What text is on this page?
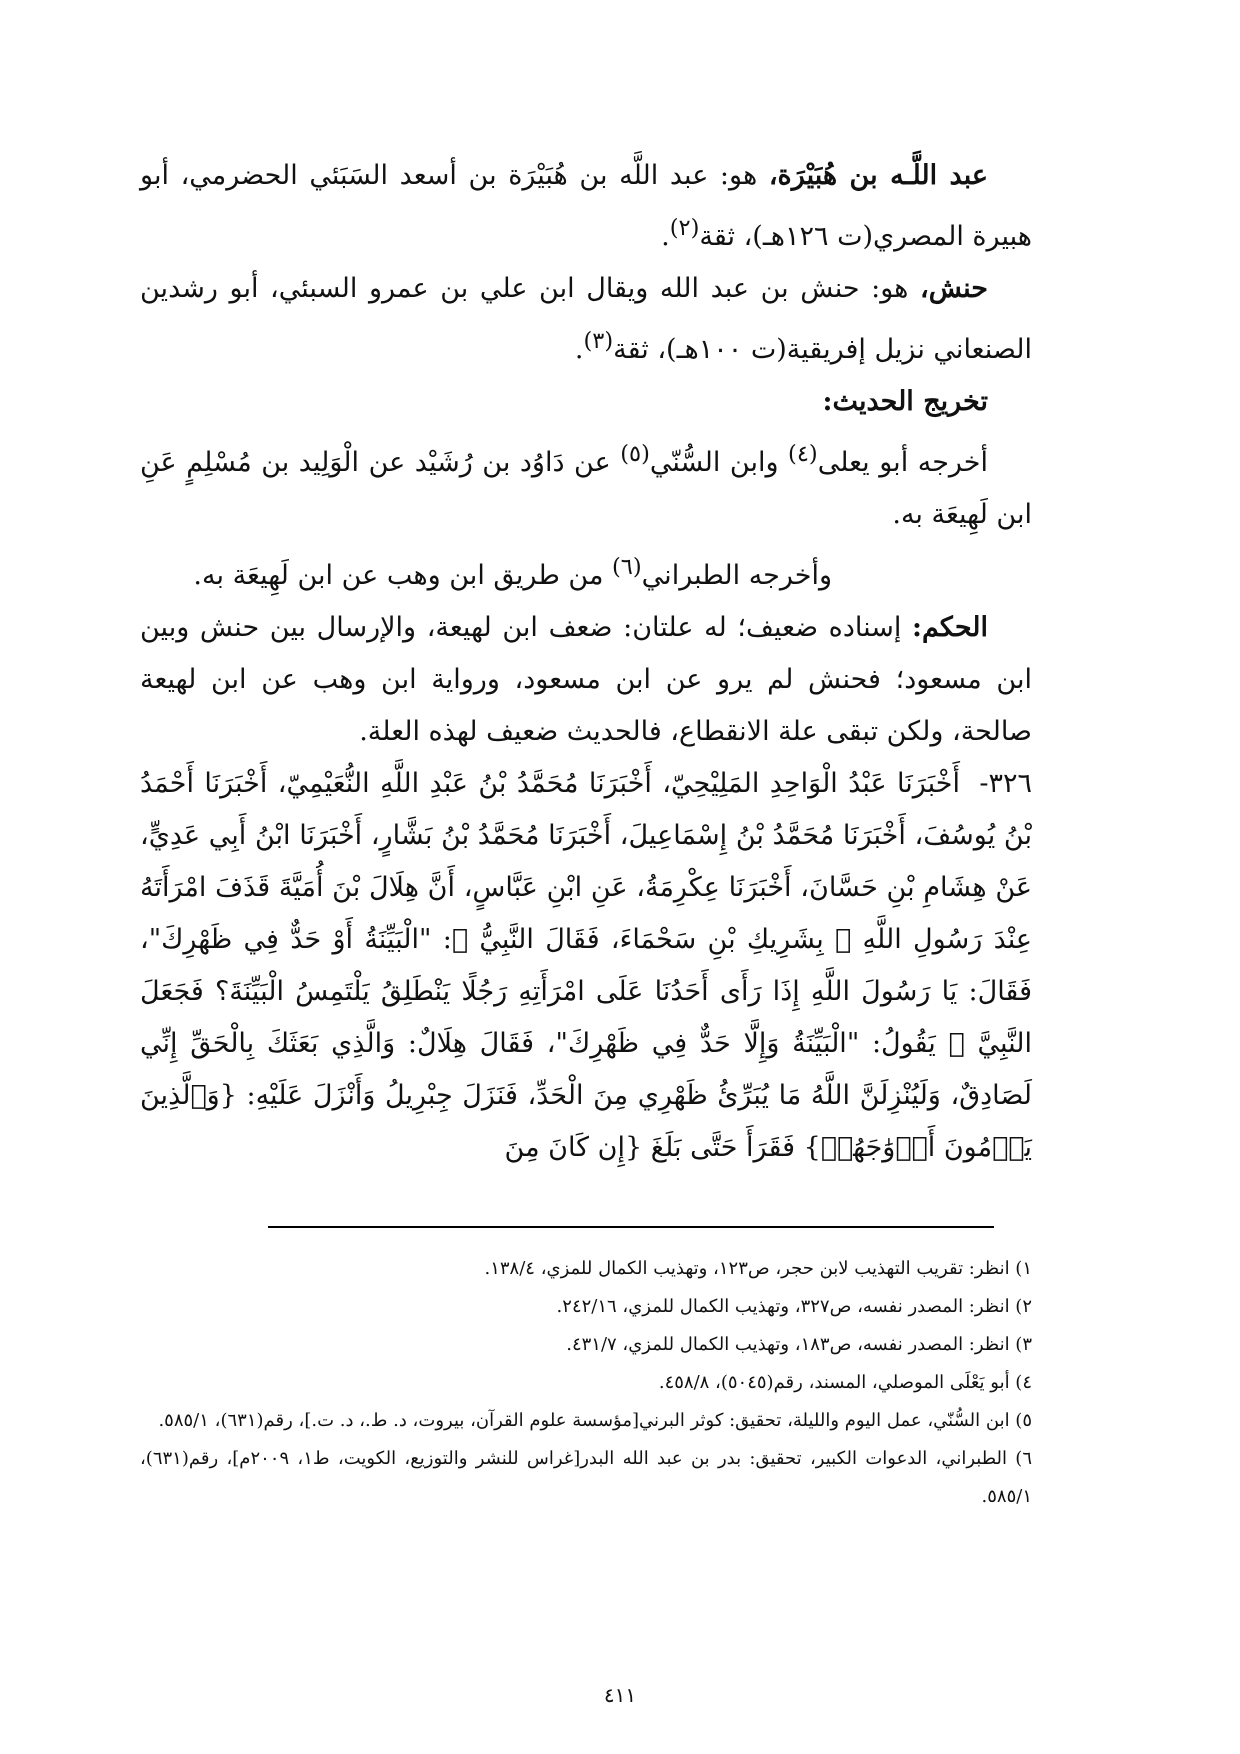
عبد اللَّـه بن هُبَيْرَة، هو: عبد اللَّه بن هُبَيْرَة بن أسعد السَبَئي الحضرمي، أبو هبيرة المصري(ت ١٢٦هـ)، ثقة$^{(٢)}$.

حنش، هو: حنش بن عبد الله ويقال ابن علي بن عمرو السبئي، أبو رشدين الصنعاني نزيل إفريقية(ت ١٠٠هـ)، ثقة$^{(٣)}$.

تخريج الحديث:

أخرجه أبو يعلى$^{(٤)}$ وابن السُّنّي$^{(٥)}$ عن دَاوُد بن رُشَيْد عن الْوَلِيد بن مُسْلِمٍ عَنِ ابن لَهِيعَة به.

وأخرجه الطبراني$^{(٦)}$ من طريق ابن وهب عن ابن لَهِيعَة به.

الحكم: إسناده ضعيف؛ له علتان: ضعف ابن لهيعة، والإرسال بين حنش وبين ابن مسعود؛ فحنش لم يرو عن ابن مسعود، ورواية ابن وهب عن ابن لهيعة صالحة، ولكن تبقى علة الانقطاع، فالحديث ضعيف لهذه العلة.

٣٢٦-أَخْبَرَنَا عَبْدُ الْوَاحِدِ المَلِيْحِيّ، أَخْبَرَنَا مُحَمَّدُ بْنُ عَبْدِ اللَّهِ النُّعَيْمِيّ، أَخْبَرَنَا أَحْمَدُ بْنُ يُوسُفَ، أَخْبَرَنَا مُحَمَّدُ بْنُ إِسْمَاعِيلَ، أَخْبَرَنَا مُحَمَّدُ بْنُ بَشَّارٍ، أَخْبَرَنَا ابْنُ أَبِي عَدِيٍّ، عَنْ هِشَامِ بْنِ حَسَّانَ، أَخْبَرَنَا عِكْرِمَةُ، عَنِ ابْنِ عَبَّاسٍ، أَنَّ هِلَالَ بْنَ أُمَيَّةَ قَذَفَ امْرَأَتَهُ عِنْدَ رَسُولِ اللَّهِ ﷺ بِشَرِيكِ بْنِ سَحْمَاءَ، فَقَالَ النَّبِيُّ ﷺ: "الْبَيِّنَةُ أَوْ حَدٌّ فِي ظَهْرِكَ"، فَقَالَ: يَا رَسُولَ اللَّهِ إِذَا رَأَى أَحَدُنَا عَلَى امْرَأَتِهِ رَجُلًا يَنْطَلِقُ يَلْتَمِسُ الْبَيِّنَةَ؟ فَجَعَلَ النَّبِيَّ ﷺ يَقُولُ: "الْبَيِّنَةُ وَإِلَّا حَدٌّ فِي ظَهْرِكَ"، فَقَالَ هِلَالٌ: وَالَّذِي بَعَثَكَ بِالْحَقِّ إِنِّي لَصَادِقٌ، وَلَيُنْزِلَنَّ اللَّهُ مَا يُبَرِّئُ ظَهْرِي مِنَ الْحَدِّ، فَنَزَلَ جِبْرِيلُ وَأَنْزَلَ عَلَيْهِ: {وَٱلَّذِينَ يَرۡمُونَ أَزۡوَٰجَهُمۡ} فَقَرَأَ حَتَّى بَلَغَ {إِن كَانَ مِنَ

١) انظر: تقريب التهذيب لابن حجر، ص١٢٣، وتهذيب الكمال للمزي، ١٣٨/٤.

٢) انظر: المصدر نفسه، ص٣٢٧، وتهذيب الكمال للمزي، ٢٤٢/١٦.

٣) انظر: المصدر نفسه، ص١٨٣، وتهذيب الكمال للمزي، ٤٣١/٧.

٤) أبو يَعْلَى الموصلي، المسند، رقم(٥٠٤٥)، ٤٥٨/٨.

٥) ابن السُّنّي، عمل اليوم والليلة، تحقيق: كوثر البرني[مؤسسة علوم القرآن، بيروت، د. ط.، د. ت.]، رقم(٦٣١)، ٥٨٥/١.

٦) الطبراني، الدعوات الكبير، تحقيق: بدر بن عبد الله البدر[غراس للنشر والتوزيع، الكويت، ط١، ٢٠٠٩م]، رقم(٦٣١)، ٥٨٥/١.

٤١١
